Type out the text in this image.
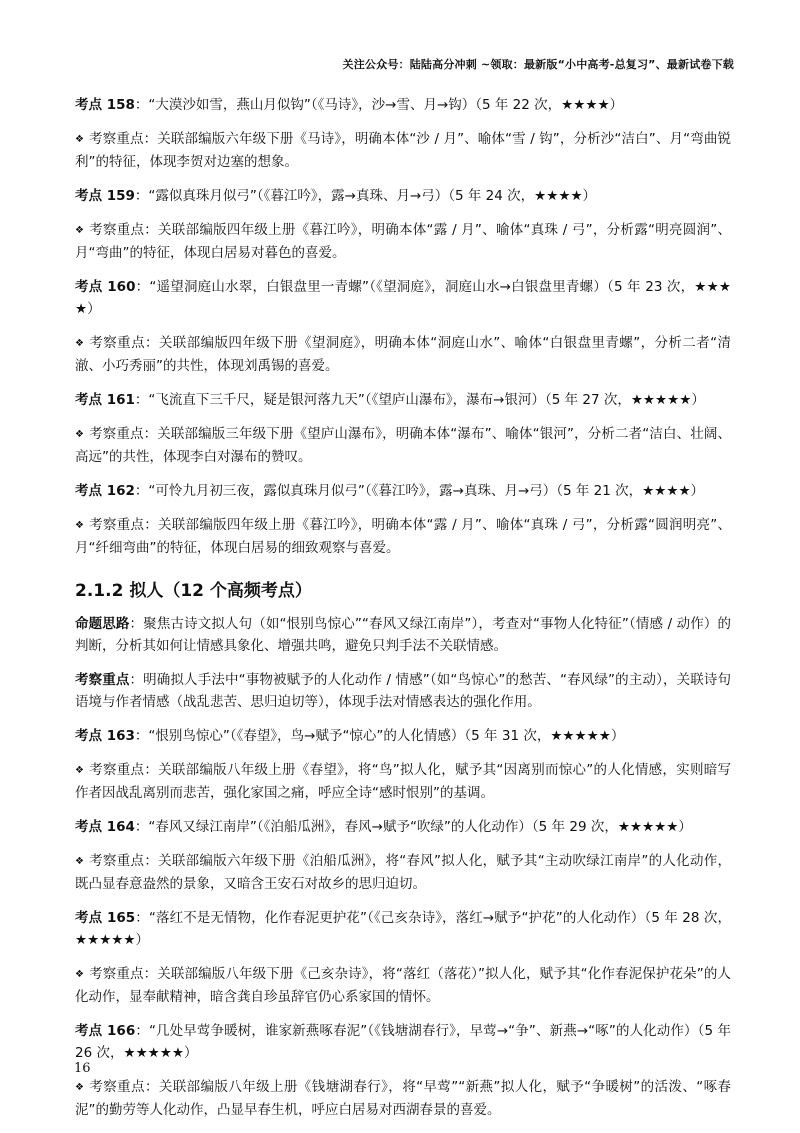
关注公众号：陆陆高分冲刺 ~领取：最新版“小中高考-总复习”、最新试卷下载

考点 158：“大漠沙如雪，燕山月似钩”（《马诗》，沙→雪、月→钩）（5 年 22 次，★★★★）

❖ 考察重点：关联部编版六年级下册《马诗》，明确本体“沙 / 月”、喻体“雪 / 钩”，分析沙“洁白”、月“弯曲锐利”的特征，体现李贺对边塞的想象。

考点 159：“露似真珠月似弓”（《暮江吟》，露→真珠、月→弓）（5 年 24 次，★★★★）

❖ 考察重点：关联部编版四年级上册《暮江吟》，明确本体“露 / 月”、喻体“真珠 / 弓”，分析露“明亮圆润”、月“弯曲”的特征，体现白居易对暮色的喜爱。

考点 160：“遥望洞庭山水翠，白银盘里一青螺”（《望洞庭》，洞庭山水→白银盘里青螺）（5 年 23 次，★★★★）

❖ 考察重点：关联部编版四年级下册《望洞庭》，明确本体“洞庭山水”、喻体“白银盘里青螺”，分析二者“清澈、小巧秀丽”的共性，体现刘禹锡的喜爱。

考点 161：“飞流直下三千尺，疑是银河落九天”（《望庐山瀑布》，瀑布→银河）（5 年 27 次，★★★★★）

❖ 考察重点：关联部编版三年级下册《望庐山瀑布》，明确本体“瀑布”、喻体“银河”，分析二者“洁白、壮阔、高远”的共性，体现李白对瀑布的赞叹。

考点 162：“可怜九月初三夜，露似真珠月似弓”（《暮江吟》，露→真珠、月→弓）（5 年 21 次，★★★★）

❖ 考察重点：关联部编版四年级上册《暮江吟》，明确本体“露 / 月”、喻体“真珠 / 弓”，分析露“圆润明亮”、月“纤细弯曲”的特征，体现白居易的细致观察与喜爱。

2.1.2 拟人（12 个高频考点）

命题思路：聚焦古诗文拟人句（如“恨别鸟惊心”“春风又绿江南岸”），考查对“事物人化特征”（情感 / 动作）的判断，分析其如何让情感具象化、增强共鸣，避免只判手法不关联情感。

考察重点：明确拟人手法中“事物被赋予的人化动作 / 情感”（如“鸟惊心”的愁苦、“春风绿”的主动），关联诗句语境与作者情感（战乱悲苦、思归迫切等），体现手法对情感表达的强化作用。

考点 163：“恨别鸟惊心”（《春望》，鸟→赋予“惊心”的人化情感）（5 年 31 次，★★★★★）

❖ 考察重点：关联部编版八年级上册《春望》，将“鸟”拟人化，赋予其“因离别而惊心”的人化情感，实则暗写作者因战乱离别而悲苦，强化家国之痛，呼应全诗“感时恨别”的基调。

考点 164：“春风又绿江南岸”（《泊船瓜洲》，春风→赋予“吹绿”的人化动作）（5 年 29 次，★★★★★）

❖ 考察重点：关联部编版六年级下册《泊船瓜洲》，将“春风”拟人化，赋予其“主动吹绿江南岸”的人化动作，既凸显春意盎然的景象，又暗含王安石对故乡的思归迫切。

考点 165：“落红不是无情物，化作春泥更护花”（《己亥杂诗》，落红→赋予“护花”的人化动作）（5 年 28 次，★★★★★）

❖ 考察重点：关联部编版八年级下册《己亥杂诗》，将“落红（落花）”拟人化，赋予其“化作春泥保护花朵”的人化动作，显奉献精神，暗含龚自珍虽辞官仍心系家国的情怀。

考点 166：“几处早莺争暖树，谁家新燕啄春泥”（《钱塘湖春行》，早莺→“争”、新燕→“啄”的人化动作）（5 年 26 次，★★★★★）

❖ 考察重点：关联部编版八年级上册《钱塘湖春行》，将“早莺”“新燕”拟人化，赋予“争暖树”的活泼、“啄春泥”的勤劳等人化动作，凸显早春生机，呼应白居易对西湖春景的喜爱。

16
